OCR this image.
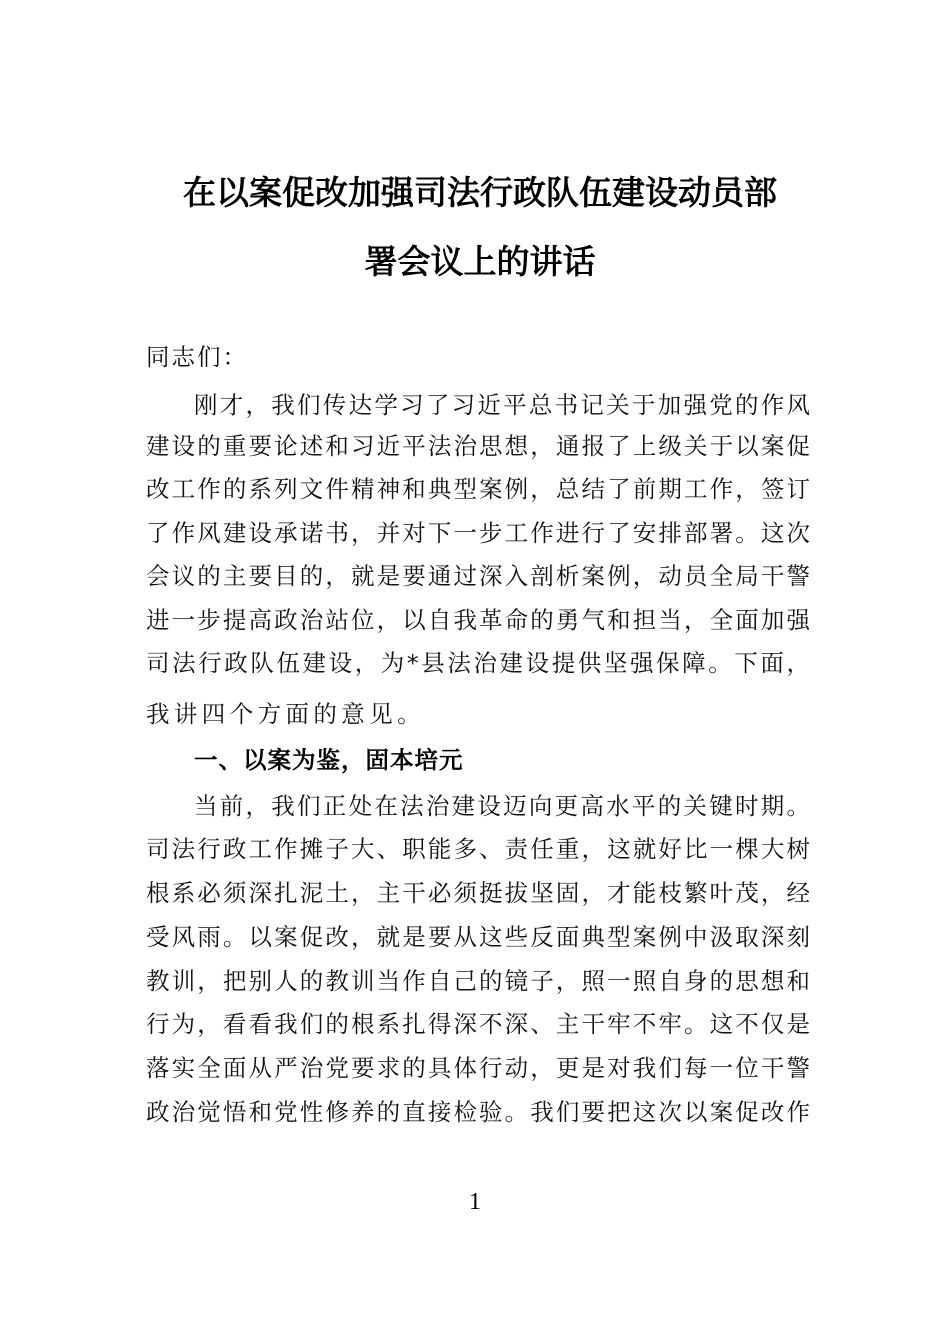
在以案促改加强司法行政队伍建设动员部
署会议上的讲话
同志们：
刚才，我们传达学习了习近平总书记关于加强党的作风
建设的重要论述和习近平法治思想，通报了上级关于以案促
改工作的系列文件精神和典型案例，总结了前期工作，签订
了作风建设承诺书，并对下一步工作进行了安排部署。这次
会议的主要目的，就是要通过深入剖析案例，动员全局干警
进一步提高政治站位，以自我革命的勇气和担当，全面加强
司法行政队伍建设，为*县法治建设提供坚强保障。下面，
我讲四个方面的意见。
一、以案为鉴，固本培元
当前，我们正处在法治建设迈向更高水平的关键时期。
司法行政工作摊子大、职能多、责任重，这就好比一棵大树
根系必须深扎泥土，主干必须挺拔坚固，才能枝繁叶茂，经
受风雨。以案促改，就是要从这些反面典型案例中汲取深刻
教训，把别人的教训当作自己的镜子，照一照自身的思想和
行为，看看我们的根系扎得深不深、主干牢不牢。这不仅是
落实全面从严治党要求的具体行动，更是对我们每一位干警
政治觉悟和党性修养的直接检验。我们要把这次以案促改作
1
